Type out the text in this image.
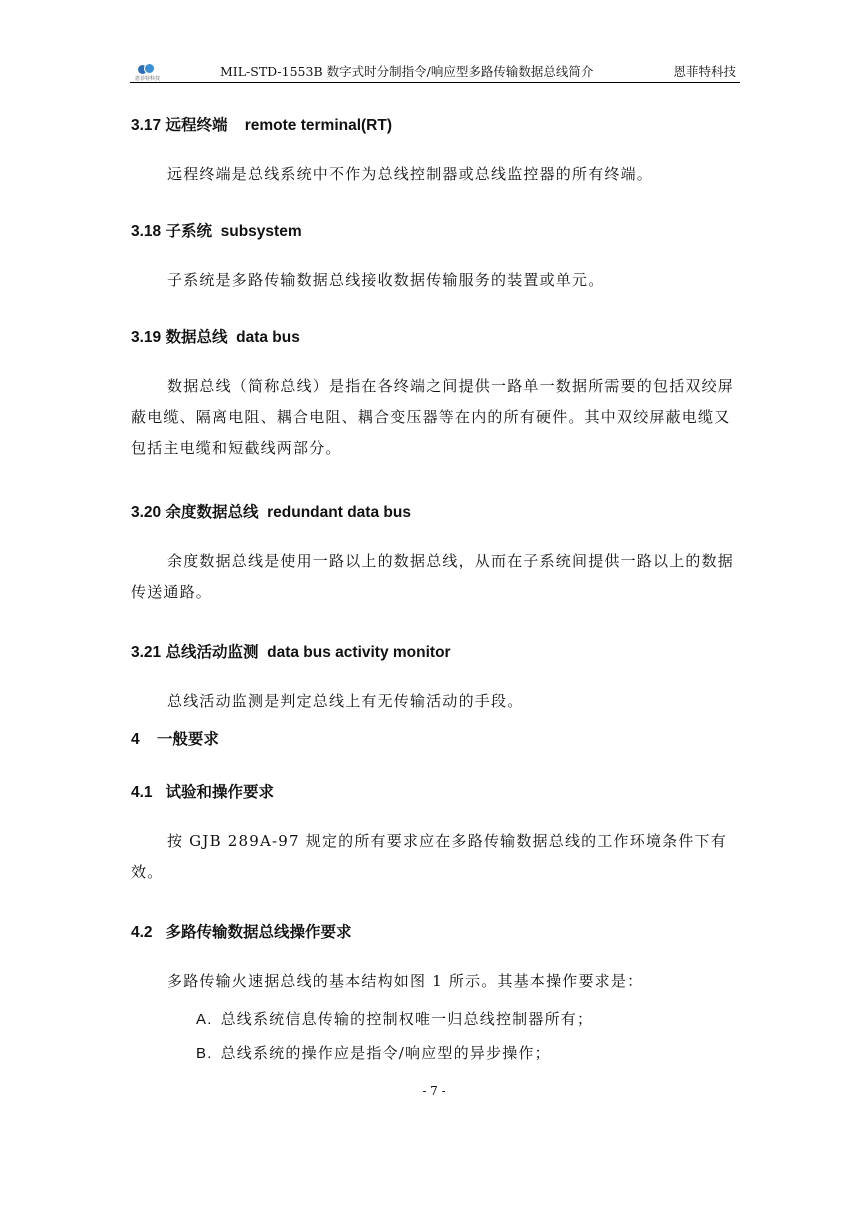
恩菲特科技	MIL-STD-1553B 数字式时分制指令/响应型多路传输数据总线简介	恩菲特科技
3.17 远程终端 remote terminal(RT)
远程终端是总线系统中不作为总线控制器或总线监控器的所有终端。
3.18 子系统 subsystem
子系统是多路传输数据总线接收数据传输服务的装置或单元。
3.19 数据总线 data bus
数据总线（简称总线）是指在各终端之间提供一路单一数据所需要的包括双绞屏蔽电缆、隔离电阻、耦合电阻、耦合变压器等在内的所有硬件。其中双绞屏蔽电缆又包括主电缆和短截线两部分。
3.20 余度数据总线 redundant data bus
余度数据总线是使用一路以上的数据总线，从而在子系统间提供一路以上的数据传送通路。
3.21 总线活动监测 data bus activity monitor
总线活动监测是判定总线上有无传输活动的手段。
4 一般要求
4.1 试验和操作要求
按 GJB 289A-97 规定的所有要求应在多路传输数据总线的工作环境条件下有效。
4.2 多路传输数据总线操作要求
多路传输火速据总线的基本结构如图 1 所示。其基本操作要求是：
A. 总线系统信息传输的控制权唯一归总线控制器所有；
B. 总线系统的操作应是指令/响应型的异步操作；
- 7 -
